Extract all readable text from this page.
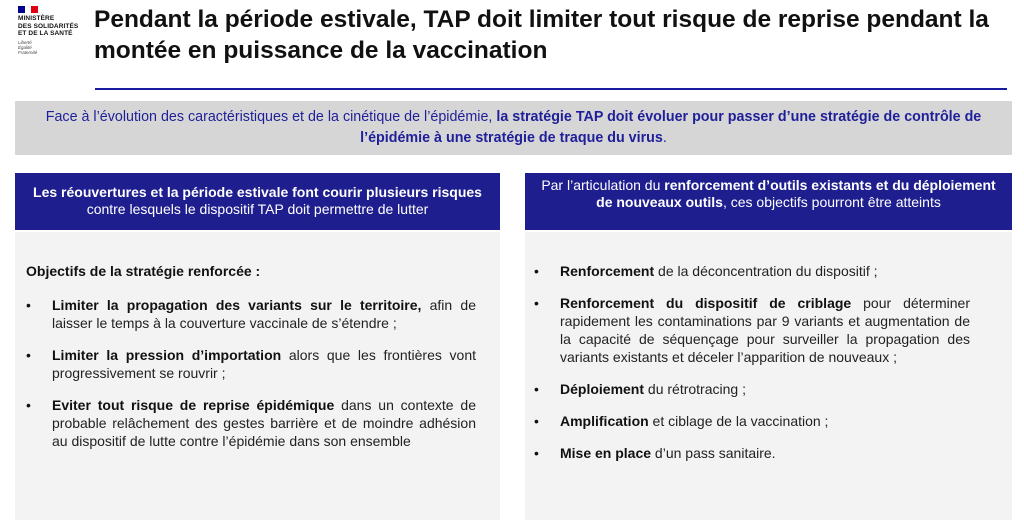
MINISTÈRE
DES SOLIDARITÉS
ET DE LA SANTÉ
Liberté
Égalité
Fraternité
Pendant la période estivale, TAP doit limiter tout risque de reprise pendant la montée en puissance de la vaccination
Face à l’évolution des caractéristiques et de la cinétique de l’épidémie, la stratégie TAP doit évoluer pour passer d’une stratégie de contrôle de l’épidémie à une stratégie de traque du virus.
Les réouvertures et la période estivale font courir plusieurs risques contre lesquels le dispositif TAP doit permettre de lutter
Par l’articulation du renforcement d’outils existants et du déploiement de nouveaux outils, ces objectifs pourront être atteints
Objectifs de la stratégie renforcée :
• Limiter la propagation des variants sur le territoire, afin de laisser le temps à la couverture vaccinale de s’étendre ;
• Limiter la pression d’importation alors que les frontières vont progressivement se rouvrir ;
• Eviter tout risque de reprise épidémique dans un contexte de probable relâchement des gestes barrière et de moindre adhésion au dispositif de lutte contre l’épidémie dans son ensemble
• Renforcement de la déconcentration du dispositif ;
• Renforcement du dispositif de criblage pour déterminer rapidement les contaminations par 9 variants et augmentation de la capacité de séquençage pour surveiller la propagation des variants existants et déceler l’apparition de nouveaux ;
• Déploiement du rétrotracing ;
• Amplification et ciblage de la vaccination ;
• Mise en place d’un pass sanitaire.
